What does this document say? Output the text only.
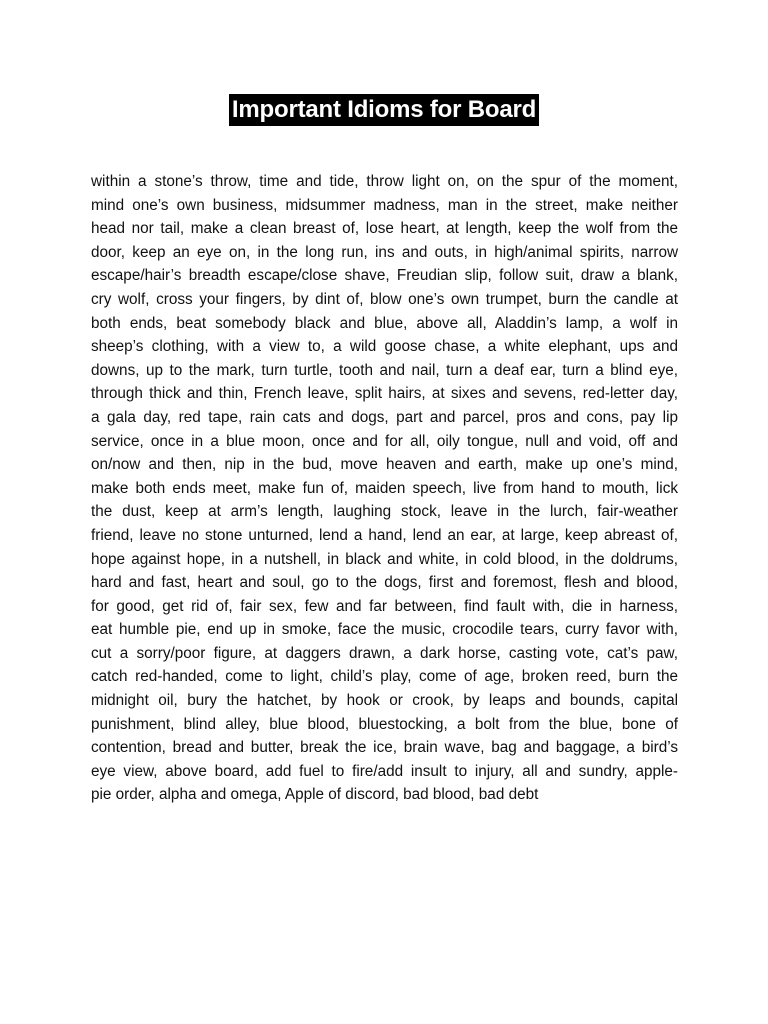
Important Idioms for Board
within a stone’s throw, time and tide, throw light on, on the spur of the moment,
mind one’s own business, midsummer madness, man in the street, make neither
head nor tail, make a clean breast of, lose heart, at length, keep the wolf from the
door, keep an eye on, in the long run, ins and outs, in high/animal spirits, narrow
escape/hair’s breadth escape/close shave, Freudian slip, follow suit, draw a blank,
cry wolf, cross your fingers, by dint of, blow one’s own trumpet, burn the candle at
both ends, beat somebody black and blue, above all, Aladdin’s lamp, a wolf in
sheep’s clothing, with a view to, a wild goose chase, a white elephant, ups and
downs, up to the mark, turn turtle, tooth and nail, turn a deaf ear, turn a blind eye,
through thick and thin, French leave, split hairs, at sixes and sevens, red-letter day,
a gala day, red tape, rain cats and dogs, part and parcel, pros and cons, pay lip
service, once in a blue moon, once and for all, oily tongue, null and void, off and
on/now and then, nip in the bud, move heaven and earth, make up one’s mind,
make both ends meet, make fun of, maiden speech, live from hand to mouth, lick
the dust, keep at arm’s length, laughing stock, leave in the lurch, fair-weather
friend, leave no stone unturned, lend a hand, lend an ear, at large, keep abreast of,
hope against hope, in a nutshell, in black and white, in cold blood, in the doldrums,
hard and fast, heart and soul, go to the dogs, first and foremost, flesh and blood,
for good, get rid of, fair sex, few and far between, find fault with, die in harness,
eat humble pie, end up in smoke, face the music, crocodile tears, curry favor with,
cut a sorry/poor figure, at daggers drawn, a dark horse, casting vote, cat’s paw,
catch red-handed, come to light, child’s play, come of age, broken reed, burn the
midnight oil, bury the hatchet, by hook or crook, by leaps and bounds, capital
punishment, blind alley, blue blood, bluestocking, a bolt from the blue, bone of
contention, bread and butter, break the ice, brain wave, bag and baggage, a bird’s
eye view, above board, add fuel to fire/add insult to injury, all and sundry, apple-
pie order, alpha and omega, Apple of discord, bad blood, bad debt
